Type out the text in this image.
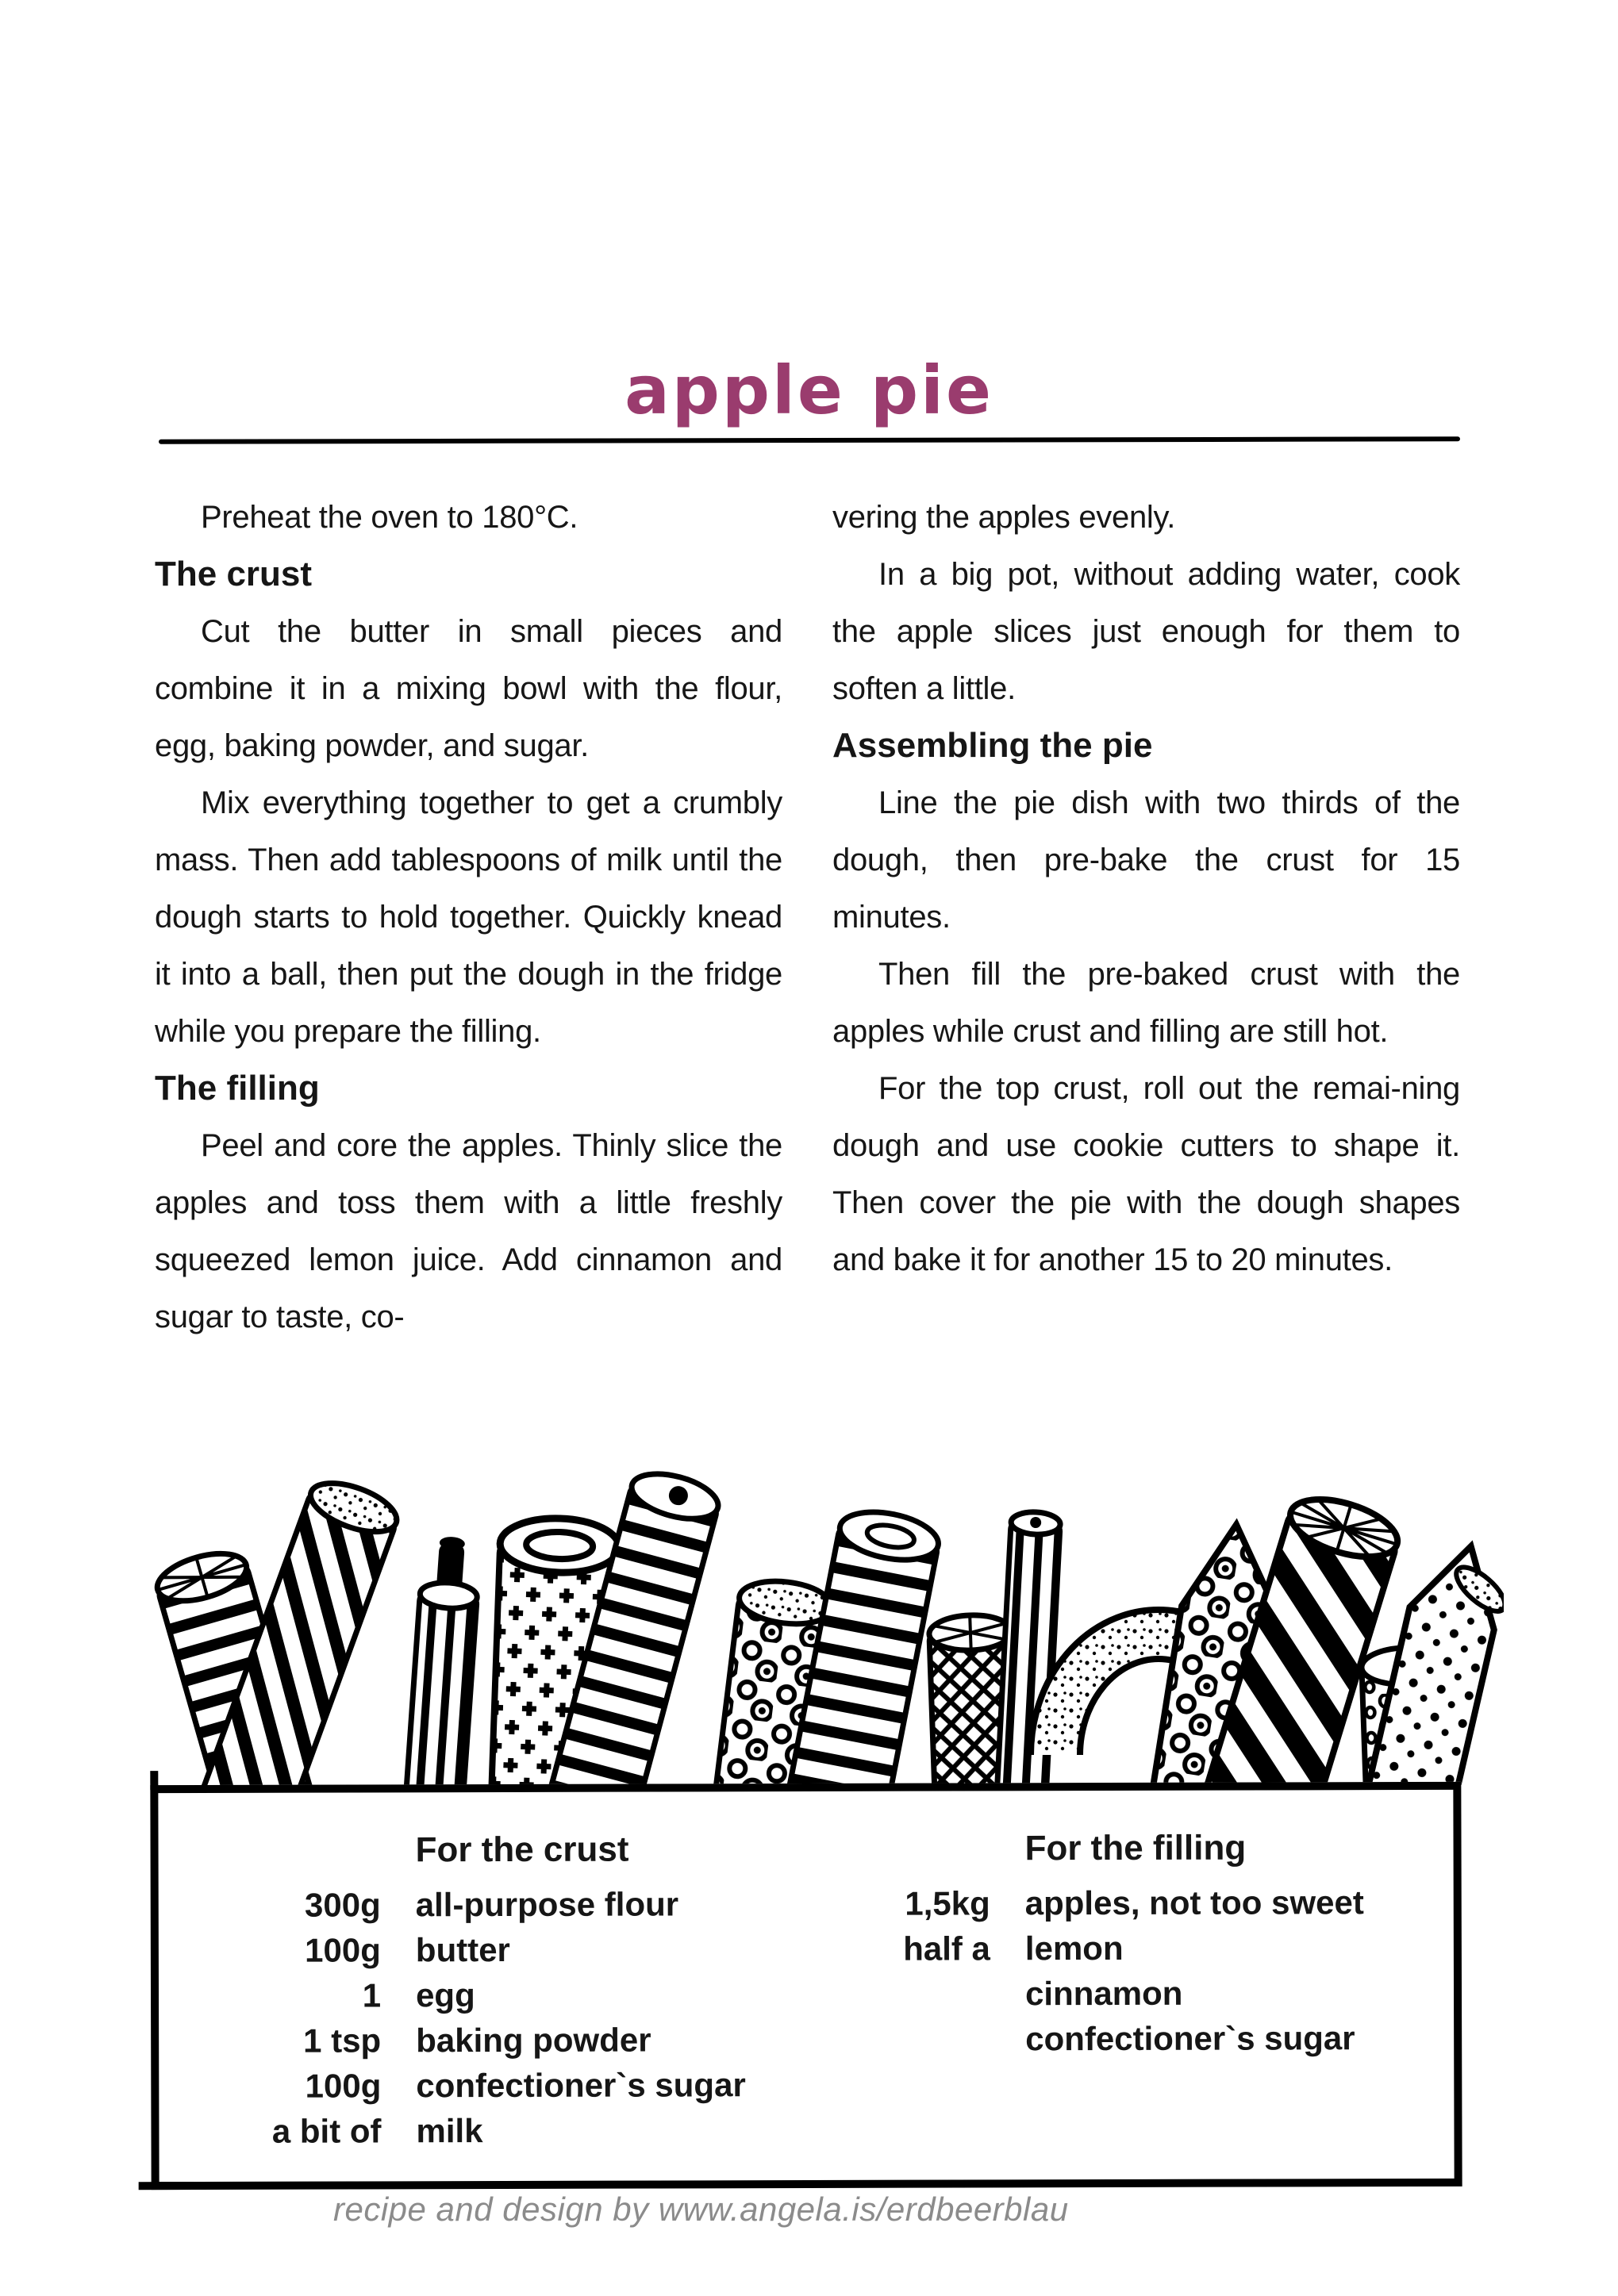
apple pie

Preheat the oven to 180°C.

The crust

Cut the butter in small pieces and combine it in a mixing bowl with the flour, egg, baking powder, and sugar.

Mix everything together to get a crumbly mass. Then add tablespoons of milk until the dough starts to hold together. Quickly knead it into a ball, then put the dough in the fridge while you prepare the filling.

The filling

Peel and core the apples. Thinly slice the apples and toss them with a little freshly squeezed lemon juice. Add cinnamon and sugar to taste, co-

vering the apples evenly.

In a big pot, without adding water, cook the apple slices just enough for them to soften a little.

Assembling the pie

Line the pie dish with two thirds of the dough, then pre-bake the crust for 15 minutes.

Then fill the pre-baked crust with the apples while crust and filling are still hot.

For the top crust, roll out the remai-ning dough and use cookie cutters to shape it. Then cover the pie with the dough shapes and bake it for another 15 to 20 minutes.

For the crust
300g	all-purpose flour
100g	butter
1	egg
1 tsp	baking powder
100g	confectioner`s sugar
a bit of	milk
For the filling
1,5kg	apples, not too sweet
half a	lemon
cinnamon
confectioner`s sugar
recipe and design by www.angela.is/erdbeerblau
